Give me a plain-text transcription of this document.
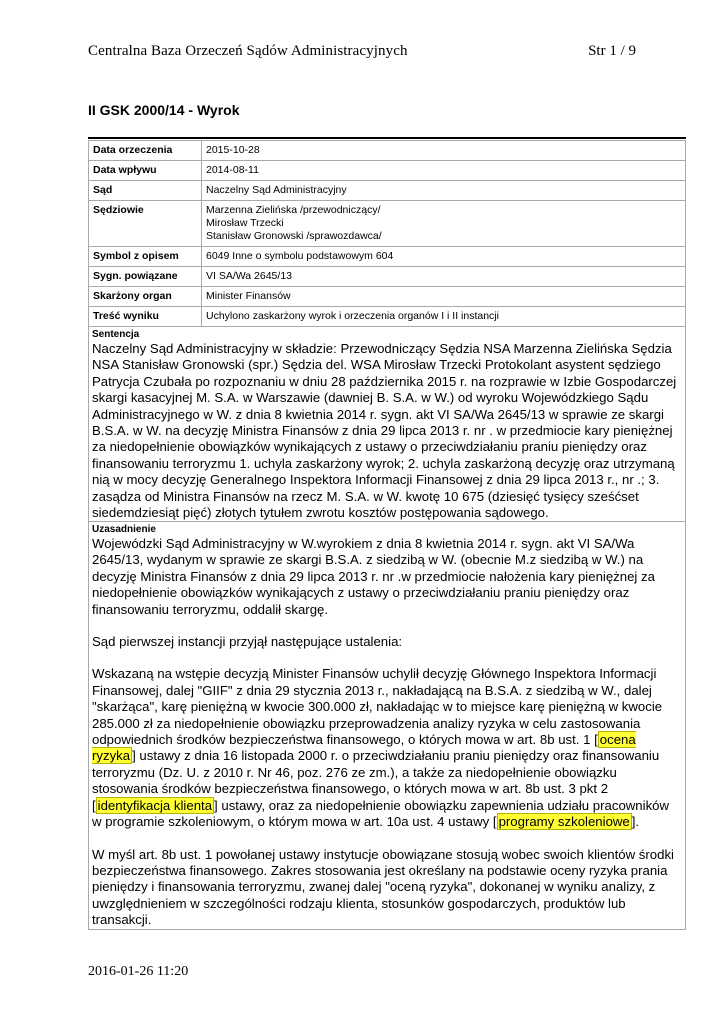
Centralna Baza Orzeczeń Sądów Administracyjnych	Str 1 / 9
II GSK 2000/14 - Wyrok
Data orzeczenia	2015-10-28

Data wpływu	2014-08-11

Sąd	Naczelny Sąd Administracyjny

Sędziowie	Marzenna Zielińska /przewodniczący/
Mirosław Trzecki
Stanisław Gronowski /sprawozdawca/

Symbol z opisem	6049 Inne o symbolu podstawowym 604

Sygn. powiązane	VI SA/Wa 2645/13

Skarżony organ	Minister Finansów

Treść wyniku	Uchylono zaskarżony wyrok i orzeczenia organów I i II instancji
Sentencja
Naczelny Sąd Administracyjny w składzie: Przewodniczący Sędzia NSA Marzenna Zielińska Sędzia NSA Stanisław Gronowski (spr.) Sędzia del. WSA Mirosław Trzecki Protokolant asystent sędziego Patrycja Czubała po rozpoznaniu w dniu 28 października 2015 r. na rozprawie w Izbie Gospodarczej skargi kasacyjnej M. S.A. w Warszawie (dawniej B. S.A. w W.) od wyroku Wojewódzkiego Sądu Administracyjnego w W. z dnia 8 kwietnia 2014 r. sygn. akt VI SA/Wa 2645/13 w sprawie ze skargi B.S.A. w W. na decyzję Ministra Finansów z dnia 29 lipca 2013 r. nr . w przedmiocie kary pieniężnej za niedopełnienie obowiązków wynikających z ustawy o przeciwdziałaniu praniu pieniędzy oraz finansowaniu terroryzmu 1. uchyla zaskarżony wyrok; 2. uchyla zaskarżoną decyzję oraz utrzymaną nią w mocy decyzję Generalnego Inspektora Informacji Finansowej z dnia 29 lipca 2013 r., nr .; 3. zasądza od Ministra Finansów na rzecz M. S.A. w W. kwotę 10 675 (dziesięć tysięcy sześćset siedemdziesiąt pięć) złotych tytułem zwrotu kosztów postępowania sądowego.
Uzasadnienie

Wojewódzki Sąd Administracyjny w W.wyrokiem z dnia 8 kwietnia 2014 r. sygn. akt VI SA/Wa 2645/13, wydanym w sprawie ze skargi B.S.A. z siedzibą w W. (obecnie M.z siedzibą w W.) na decyzję Ministra Finansów z dnia 29 lipca 2013 r. nr .w przedmiocie nałożenia kary pieniężnej za niedopełnienie obowiązków wynikających z ustawy o przeciwdziałaniu praniu pieniędzy oraz finansowaniu terroryzmu, oddalił skargę.

Sąd pierwszej instancji przyjął następujące ustalenia:

Wskazaną na wstępie decyzją Minister Finansów uchylił decyzję Głównego Inspektora Informacji Finansowej, dalej "GIIF" z dnia 29 stycznia 2013 r., nakładającą na B.S.A. z siedzibą w W., dalej "skarżąca", karę pieniężną w kwocie 300.000 zł, nakładając w to miejsce karę pieniężną w kwocie 285.000 zł za niedopełnienie obowiązku przeprowadzenia analizy ryzyka w celu zastosowania odpowiednich środków bezpieczeństwa finansowego, o których mowa w art. 8b ust. 1 [ ocena ryzyka ] ustawy z dnia 16 listopada 2000 r. o przeciwdziałaniu praniu pieniędzy oraz finansowaniu terroryzmu (Dz. U. z 2010 r. Nr 46, poz. 276 ze zm.), a także za niedopełnienie obowiązku stosowania środków bezpieczeństwa finansowego, o których mowa w art. 8b ust. 3 pkt 2 [ identyfikacja klienta ] ustawy, oraz za niedopełnienie obowiązku zapewnienia udziału pracowników w programie szkoleniowym, o którym mowa w art. 10a ust. 4 ustawy [ programy szkoleniowe ].

W myśl art. 8b ust. 1 powołanej ustawy instytucje obowiązane stosują wobec swoich klientów środki bezpieczeństwa finansowego. Zakres stosowania jest określany na podstawie oceny ryzyka prania pieniędzy i finansowania terroryzmu, zwanej dalej "oceną ryzyka", dokonanej w wyniku analizy, z uwzględnieniem w szczególności rodzaju klienta, stosunków gospodarczych, produktów lub transakcji.

2016-01-26 11:20
